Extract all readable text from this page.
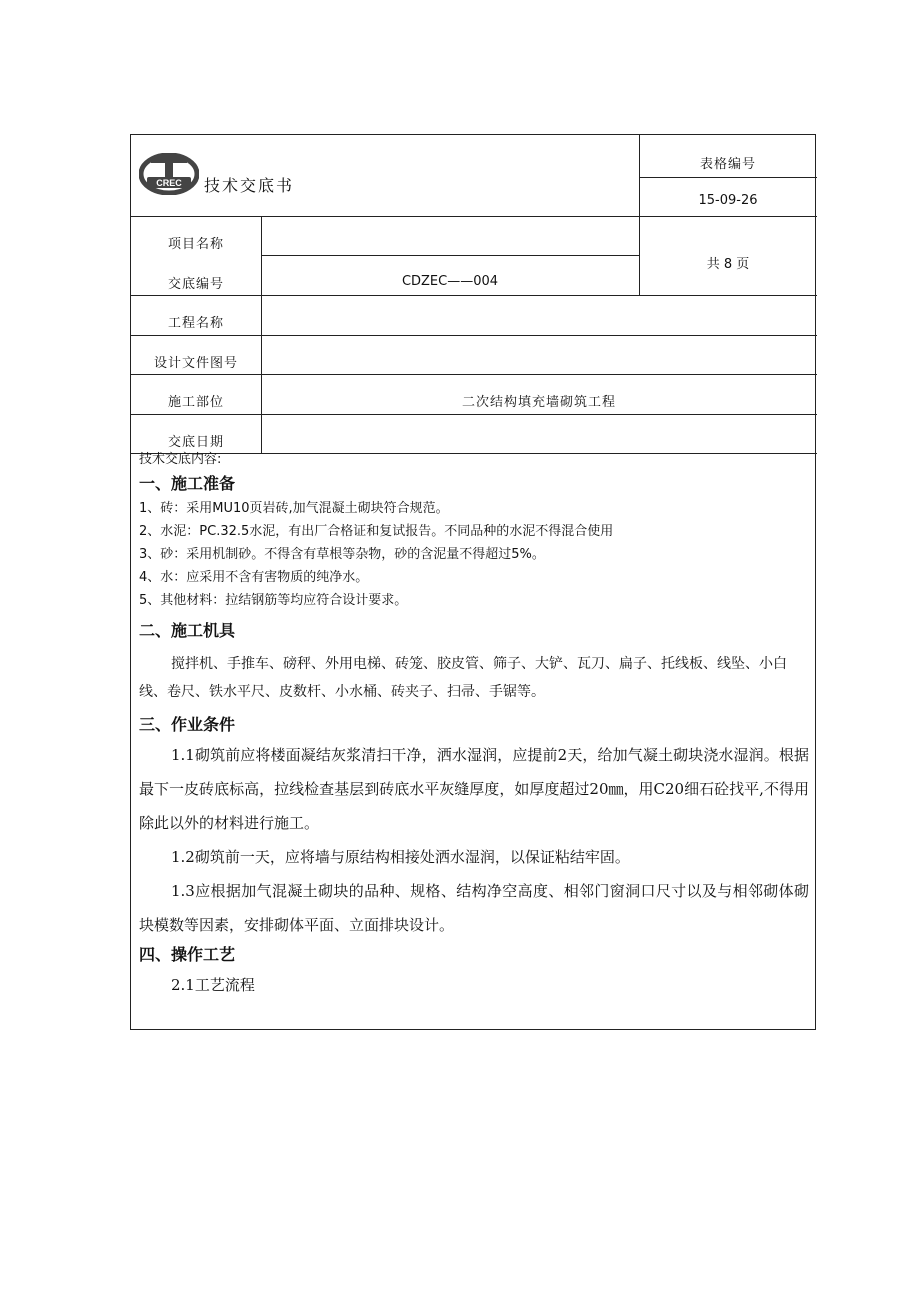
CREC 技术交底书
表格编号
15-09-26
共 8 页
项目名称
交底编号
工程名称
设计文件图号
施工部位
交底日期
CDZEC——004
二次结构填充墙砌筑工程
技术交底内容:
一、施工准备
1、砖：采用MU10页岩砖,加气混凝土砌块符合规范。
2、水泥：PC.32.5水泥，有出厂合格证和复试报告。不同品种的水泥不得混合使用
3、砂：采用机制砂。不得含有草根等杂物，砂的含泥量不得超过5%。
4、水：应采用不含有害物质的纯净水。
5、其他材料：拉结钢筋等均应符合设计要求。
二、施工机具
搅拌机、手推车、磅秤、外用电梯、砖笼、胶皮管、筛子、大铲、瓦刀、扁子、托线板、线坠、小白线、卷尺、铁水平尺、皮数杆、小水桶、砖夹子、扫帚、手锯等。
三、作业条件
1.1砌筑前应将楼面凝结灰浆清扫干净，洒水湿润，应提前2天，给加气凝土砌块浇水湿润。根据最下一皮砖底标高，拉线检查基层到砖底水平灰缝厚度，如厚度超过20㎜，用C20细石砼找平,不得用除此以外的材料进行施工。
1.2砌筑前一天，应将墙与原结构相接处洒水湿润，以保证粘结牢固。
1.3应根据加气混凝土砌块的品种、规格、结构净空高度、相邻门窗洞口尺寸以及与相邻砌体砌块模数等因素，安排砌体平面、立面排块设计。
四、操作工艺
2.1工艺流程
